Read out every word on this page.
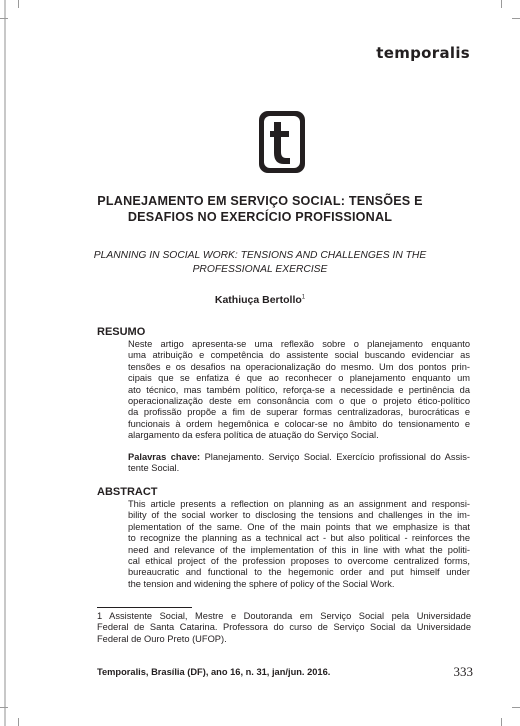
temporalis
PLANEJAMENTO EM SERVIÇO SOCIAL: TENSÕES E
DESAFIOS NO EXERCÍCIO PROFISSIONAL
PLANNING IN SOCIAL WORK: TENSIONS AND CHALLENGES IN THE
PROFESSIONAL EXERCISE
Kathiuça Bertollo$^1$
RESUMO
Neste artigo apresenta-se uma reflexão sobre o planejamento enquanto
uma atribuição e competência do assistente social buscando evidenciar as
tensões e os desafios na operacionalização do mesmo. Um dos pontos prin-
cipais que se enfatiza é que ao reconhecer o planejamento enquanto um
ato técnico, mas também político, reforça-se a necessidade e pertinência da
operacionalização deste em consonância com o que o projeto ético-político
da profissão propõe a fim de superar formas centralizadoras, burocráticas e
funcionais à ordem hegemônica e colocar-se no âmbito do tensionamento e
alargamento da esfera política de atuação do Serviço Social.
Palavras chave: Planejamento. Serviço Social. Exercício profissional do Assis-
tente Social.
ABSTRACT
This article presents a reflection on planning as an assignment and responsi-
bility of the social worker to disclosing the tensions and challenges in the im-
plementation of the same. One of the main points that we emphasize is that
to recognize the planning as a technical act - but also political - reinforces the
need and relevance of the implementation of this in line with what the politi-
cal ethical project of the profession proposes to overcome centralized forms,
bureaucratic and functional to the hegemonic order and put himself under
the tension and widening the sphere of policy of the Social Work.
1 Assistente Social, Mestre e Doutoranda em Serviço Social pela Universidade
Federal de Santa Catarina. Professora do curso de Serviço Social da Universidade
Federal de Ouro Preto (UFOP).
Temporalis, Brasília (DF), ano 16, n. 31, jan/jun. 2016.	333
